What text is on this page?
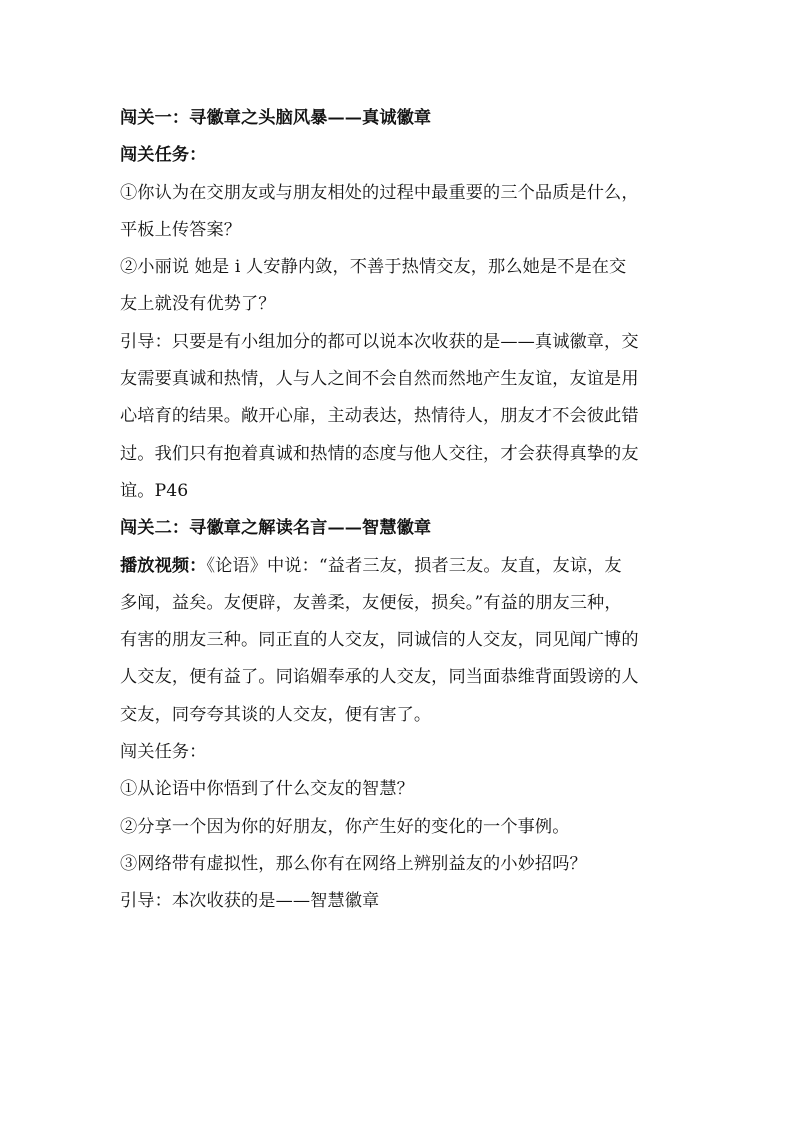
闯关一：寻徽章之头脑风暴——真诚徽章
闯关任务：
①你认为在交朋友或与朋友相处的过程中最重要的三个品质是什么，
平板上传答案？
②小丽说 她是 i 人安静内敛，不善于热情交友，那么她是不是在交
友上就没有优势了？
引导：只要是有小组加分的都可以说本次收获的是——真诚徽章，交
友需要真诚和热情，人与人之间不会自然而然地产生友谊，友谊是用
心培育的结果。敞开心扉，主动表达，热情待人，朋友才不会彼此错
过。我们只有抱着真诚和热情的态度与他人交往，才会获得真挚的友
谊。P46
闯关二：寻徽章之解读名言——智慧徽章
播放视频：《论语》中说：“益者三友，损者三友。友直，友谅，友
多闻，益矣。友便辟，友善柔，友便佞，损矣。”有益的朋友三种，
有害的朋友三种。同正直的人交友，同诚信的人交友，同见闻广博的
人交友，便有益了。同谄媚奉承的人交友，同当面恭维背面毁谤的人
交友，同夸夸其谈的人交友，便有害了。
闯关任务：
①从论语中你悟到了什么交友的智慧？
②分享一个因为你的好朋友，你产生好的变化的一个事例。
③网络带有虚拟性，那么你有在网络上辨别益友的小妙招吗？
引导：本次收获的是——智慧徽章
